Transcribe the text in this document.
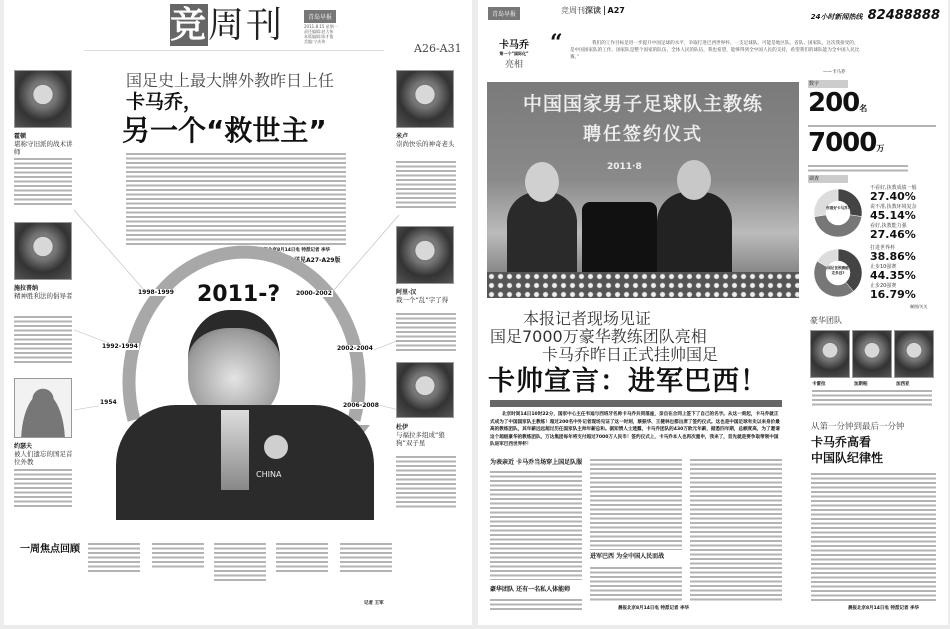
竞周刊	青岛早报
2011.8.15 星期一
责任编辑:赵大伟
本版编辑:陈才俊
美编:宁庆伟
A26-A31
国足史上最大牌外教昨日上任
卡马乔，
另一个“救世主”
晨报北京8月14日电 特派记者 李华
详见A27-A29版
2011-?
1998-1999	2000-2002
1992-1994	2002-2004
1954	2006-2008
CHINA
霍顿
堪称守旧派的战术讲师
施拉普纳
精神胜利法的倡导者
约瑟夫
被人们遗忘的国足首位外教
米卢
崇尚快乐的神奇老头
阿里·汉
栽一个“乱”字了得
杜伊
与福拉多组成“狼狗”双子星
一周焦点回顾
记者 王军
青岛早报	竞周刊深读 A27
24小时新闻热线 82488888
卡马乔
第一个“国际化”
亮相
“	我们的工作目标是进一步提升中国足球的水平，争取打进巴西世界杯。一支足球队，可能是地区队、省队、国家队，这次我接受的，是中国国家队的工作。国家队是整个国家的队伍，全体人民的队伍，我也希望，能够得到全中国人民的支持，希望我们的球队能为全中国人民比赛。”
——卡马乔
中国国家男子足球队主教练
聘任签约仪式
2011·8
数字
200名
7000万
调查
制图/关关
本报记者现场见证
国足7000万豪华教练团队亮相
卡马乔昨日正式挂帅国足
卡帅宣言：进军巴西！
北京时间14日10时22分，国家中心主任韦迪与西班牙名帅卡马乔共同落座，亲自在合同上签下了自己的名字。从这一刻起，卡马乔就正式成为了中国国家队主教练！超过200名中外记者现场见证了这一时刻，蔡振华、王健林也都出席了签约仪式。这也是中国足球有史以来身价最高的教练团队，其年薪远远超过历任国家队主帅年薪总和。据知情人士透露，卡马乔团队的430万欧元年薪，据悉四年期，总额度高，为了邀请这个超级豪华的教练团队，万达集团每年将支付超过7000万人民币！签约仪式上，卡马乔本人也再次重申，我来了，首先就是要争取带领中国队进军巴西世界杯！
为表亲近 卡马乔当场穿上国足队服
豪华团队 还有一名私人体能师
进军巴西 为全中国人民而战
晨报北京8月14日电 特派记者 李华
豪华团队
卡雷拉	加斯帕	加西亚
从第一分钟到最后一分钟
卡马乔高看
中国队纪律性
晨报北京8月14日电 特派记者 李华
你看好卡马乔?
不看好,执教成绩一般
27.40%
说不准,执教环境复杂
45.14%
看好,执教能力强
27.46%
国足世预赛能走多远?
打进世界杯
38.86%
止步10强赛
44.35%
止步20强赛
16.79%
